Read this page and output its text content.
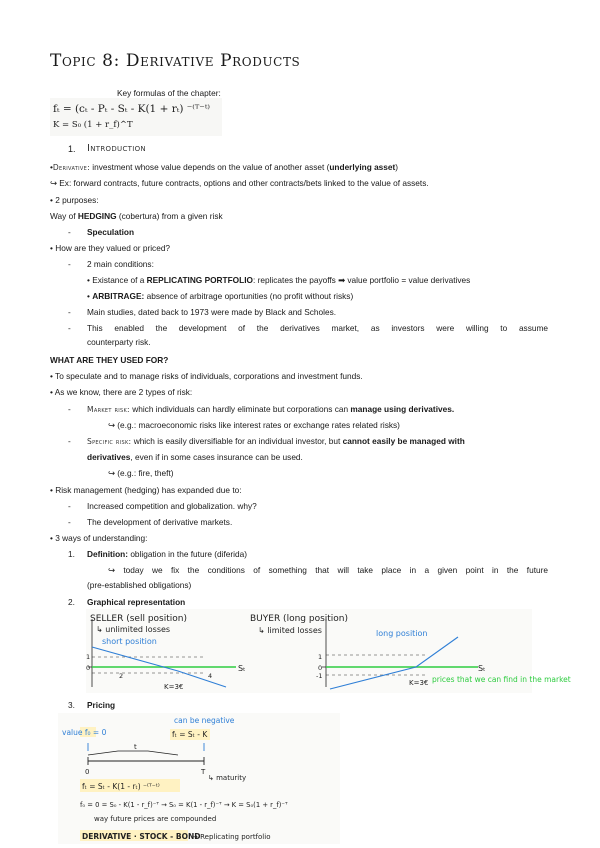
Topic 8: Derivative Products
Key formulas of the chapter:
fₜ = (cₜ - Pₜ - Sₜ - K(1 + rₜ) ⁻⁽ᵀ⁻ᵗ⁾
K = S₀ (1 + r_f)^T
1. Introduction
•Derivative: investment whose value depends on the value of another asset (underlying asset)
↪ Ex: forward contracts, future contracts, options and other contracts/bets linked to the value of assets.
• 2 purposes:
Way of HEDGING (cobertura) from a given risk
- Speculation
• How are they valued or priced?
- 2 main conditions:
• Existance of a REPLICATING PORTFOLIO: replicates the payoffs ➡ value portfolio = value derivatives
• ARBITRAGE: absence of arbitrage oportunities (no profit without risks)
- Main studies, dated back to 1973 were made by Black and Scholes.
- This enabled the development of the derivatives market, as investors were willing to assume
counterparty risk.
WHAT ARE THEY USED FOR?
• To speculate and to manage risks of individuals, corporations and investment funds.
• As we know, there are 2 types of risk:
- Market risk: which individuals can hardly eliminate but corporations can manage using derivatives.
↪ (e.g.: macroeconomic risks like interest rates or exchange rates related risks)
- Specific risk: which is easily diversifiable for an individual investor, but cannot easily be managed with
derivatives, even if in some cases insurance can be used.
↪ (e.g.: fire, theft)
• Risk management (hedging) has expanded due to:
- Increased competition and globalization. why?
- The development of derivative markets.
• 3 ways of understanding:
1. Definition: obligation in the future (diferida)
↪ today we fix the conditions of something that will take place in a given point in the future
(pre-established obligations)
2. Graphical representation
SELLER (sell position)
↳ unlimited losses
short position
1
0
2	4
K=3€
Sₜ
BUYER (long position)
↳ limited losses	long position
1
0
-1
K=3€
Sₜ
prices that we can find in the market
3. Pricing
value f₀ = 0
can be negative
fₜ = Sₜ - K
t
0	T
↳ maturity
fₜ = Sₜ - K(1 - rₜ) ⁻⁽ᵀ⁻ᵗ⁾
f₀ = 0 = S₀ - K(1 - r_f)⁻ᵀ → S₀ = K(1 - r_f)⁻ᵀ → K = S₀(1 + r_f)⁻ᵀ
way future prices are compounded
DERIVATIVE · STOCK - BOND
→ Replicating portfolio
